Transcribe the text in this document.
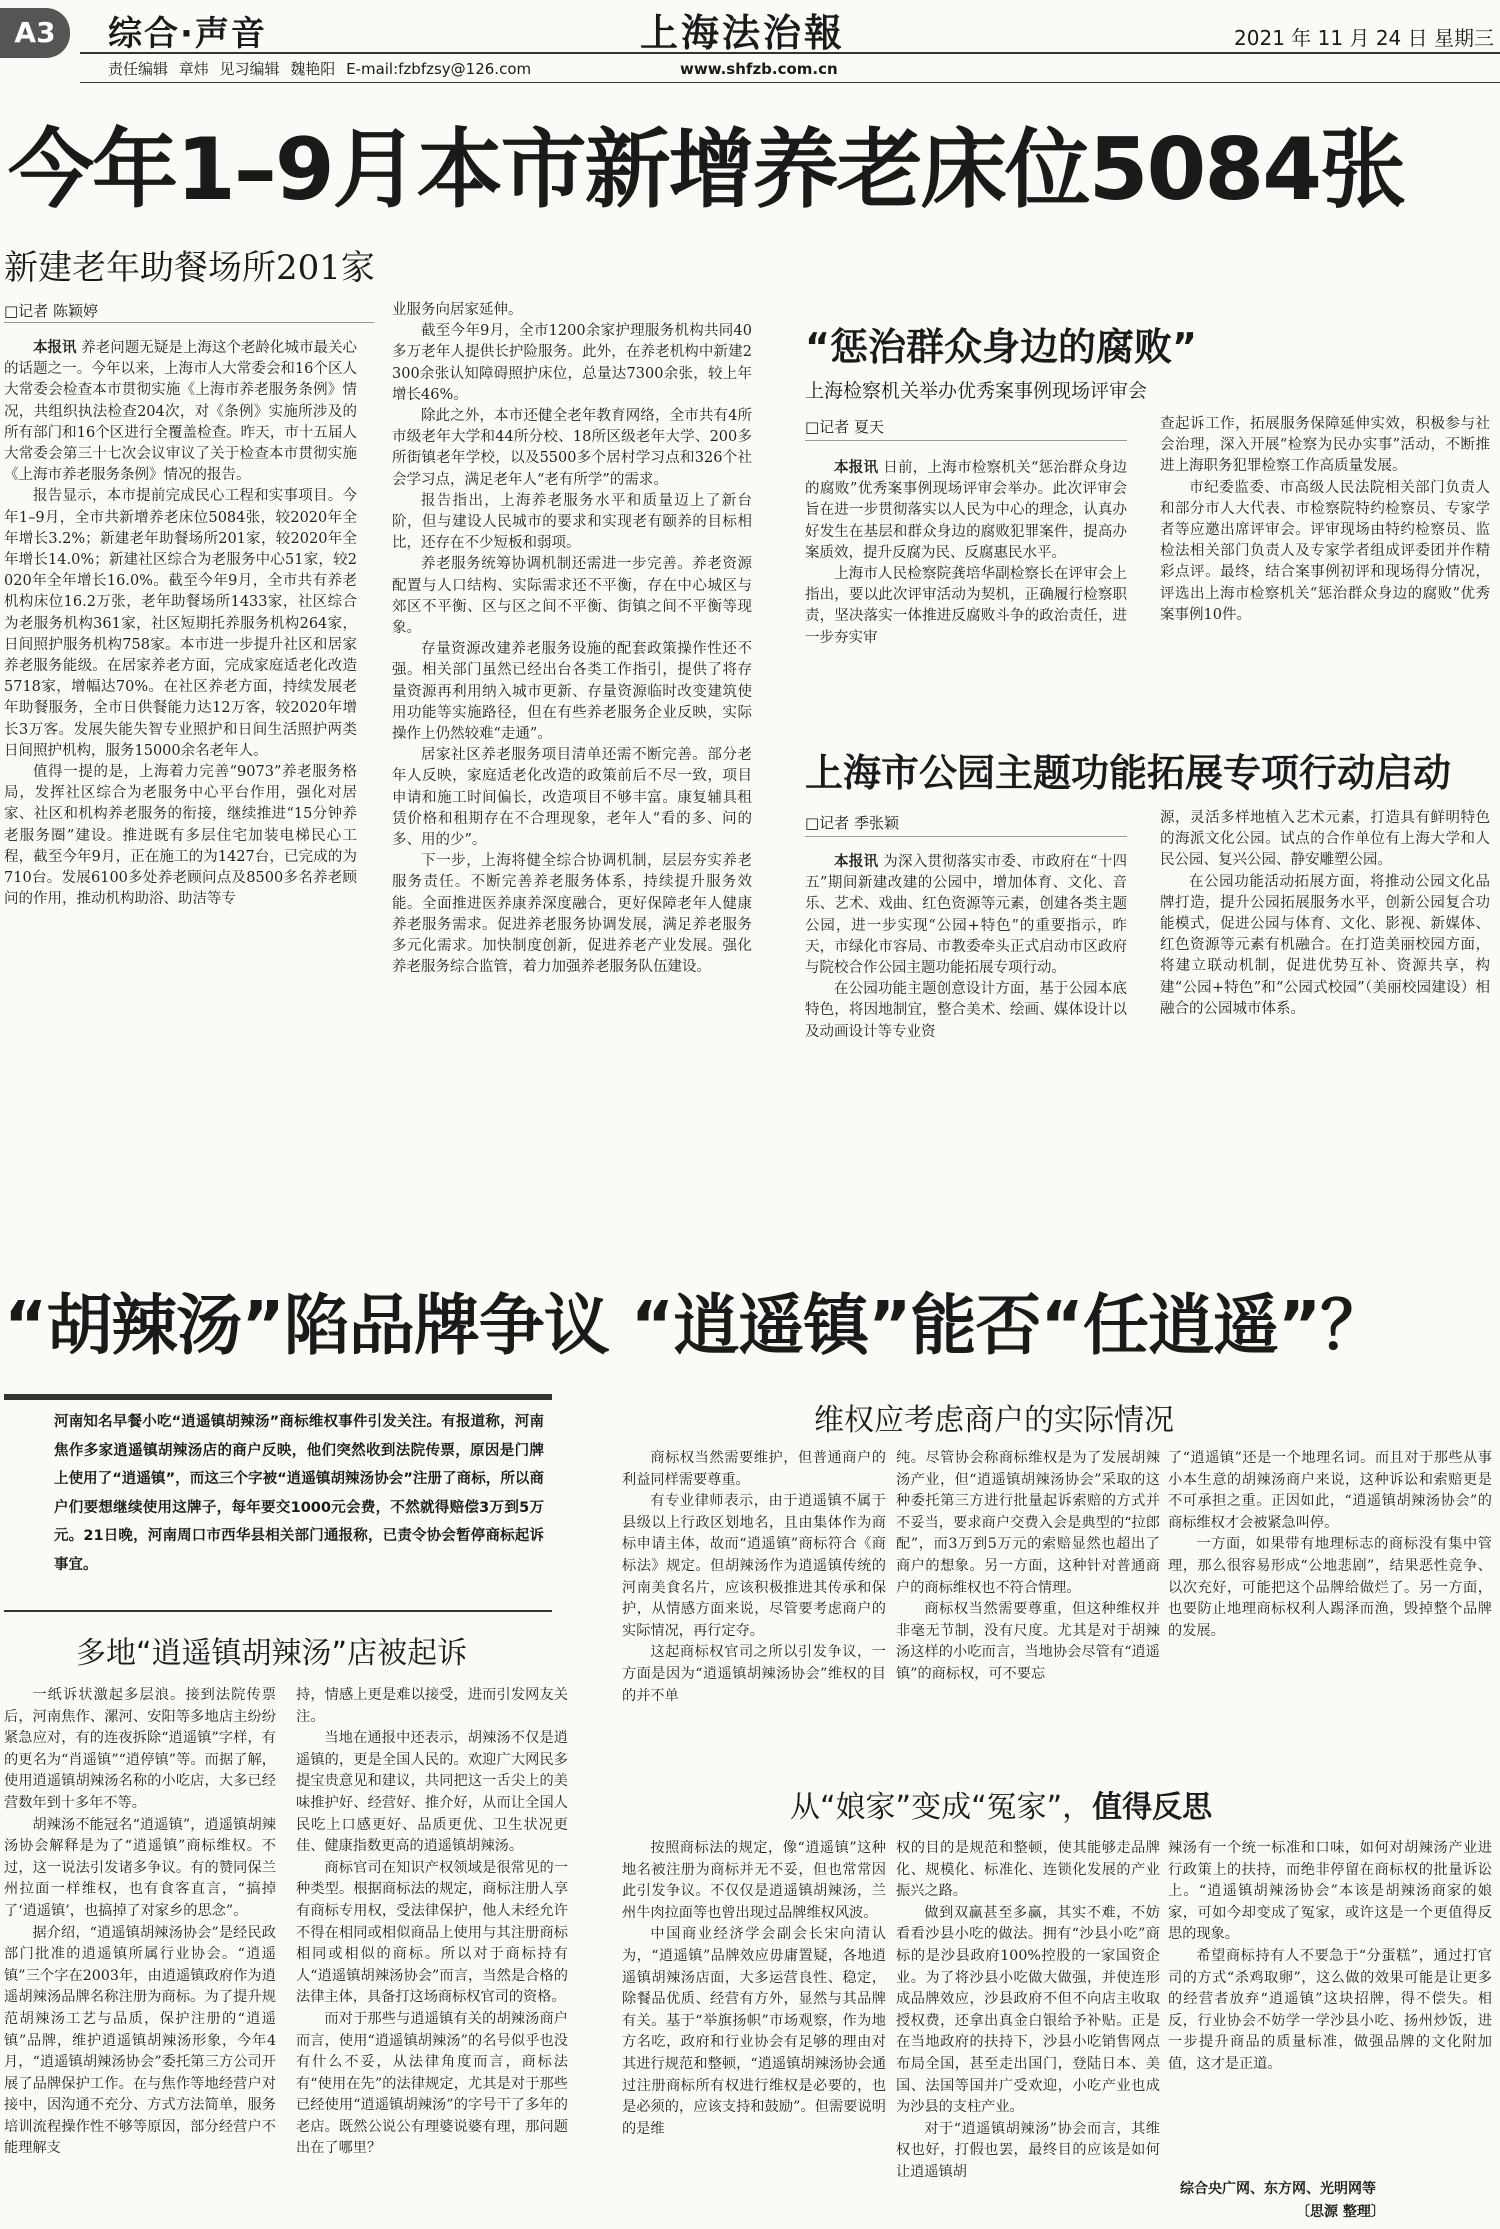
A3	综合·声音	上海法治報	2021 年 11 月 24 日 星期三
责任编辑 章炜 见习编辑 魏艳阳 E-mail:fzbfzsy@126.com	www.shfzb.com.cn
今年1–9月本市新增养老床位5084张
新建老年助餐场所201家
□记者 陈颖婷

本报讯 养老问题无疑是上海这个老龄化城市最关心的话题之一。今年以来，上海市人大常委会和16个区人大常委会检查本市贯彻实施《上海市养老服务条例》情况，共组织执法检查204次，对《条例》实施所涉及的所有部门和16个区进行全覆盖检查。昨天，市十五届人大常委会第三十七次会议审议了关于检查本市贯彻实施《上海市养老服务条例》情况的报告。

报告显示，本市提前完成民心工程和实事项目。今年1–9月，全市共新增养老床位5084张，较2020年全年增长3.2%；新建老年助餐场所201家，较2020年全年增长14.0%；新建社区综合为老服务中心51家，较2020年全年增长16.0%。截至今年9月，全市共有养老机构床位16.2万张，老年助餐场所1433家，社区综合为老服务机构361家，社区短期托养服务机构264家，日间照护服务机构758家。本市进一步提升社区和居家养老服务能级。在居家养老方面，完成家庭适老化改造5718家，增幅达70%。在社区养老方面，持续发展老年助餐服务，全市日供餐能力达12万客，较2020年增长3万客。发展失能失智专业照护和日间生活照护两类日间照护机构，服务15000余名老年人。

值得一提的是，上海着力完善“9073”养老服务格局，发挥社区综合为老服务中心平台作用，强化对居家、社区和机构养老服务的衔接，继续推进“15分钟养老服务圈”建设。推进既有多层住宅加装电梯民心工程，截至今年9月，正在施工的为1427台，已完成的为710台。发展6100多处养老顾问点及8500多名养老顾问的作用，推动机构助浴、助洁等专

业服务向居家延伸。

截至今年9月，全市1200余家护理服务机构共同40多万老年人提供长护险服务。此外，在养老机构中新建2300余张认知障碍照护床位，总量达7300余张，较上年增长46%。

除此之外，本市还健全老年教育网络，全市共有4所市级老年大学和44所分校、18所区级老年大学、200多所街镇老年学校，以及5500多个居村学习点和326个社会学习点，满足老年人“老有所学”的需求。

报告指出，上海养老服务水平和质量迈上了新台阶，但与建设人民城市的要求和实现老有颐养的目标相比，还存在不少短板和弱项。

养老服务统筹协调机制还需进一步完善。养老资源配置与人口结构、实际需求还不平衡，存在中心城区与郊区不平衡、区与区之间不平衡、街镇之间不平衡等现象。

存量资源改建养老服务设施的配套政策操作性还不强。相关部门虽然已经出台各类工作指引，提供了将存量资源再利用纳入城市更新、存量资源临时改变建筑使用功能等实施路径，但在有些养老服务企业反映，实际操作上仍然较难“走通”。

居家社区养老服务项目清单还需不断完善。部分老年人反映，家庭适老化改造的政策前后不尽一致，项目申请和施工时间偏长，改造项目不够丰富。康复辅具租赁价格和租期存在不合理现象，老年人“看的多、问的多、用的少”。

下一步，上海将健全综合协调机制，层层夯实养老服务责任。不断完善养老服务体系，持续提升服务效能。全面推进医养康养深度融合，更好保障老年人健康养老服务需求。促进养老服务协调发展，满足养老服务多元化需求。加快制度创新，促进养老产业发展。强化养老服务综合监管，着力加强养老服务队伍建设。

“惩治群众身边的腐败”
上海检察机关举办优秀案事例现场评审会
□记者 夏天

本报讯 日前，上海市检察机关“惩治群众身边的腐败”优秀案事例现场评审会举办。此次评审会旨在进一步贯彻落实以人民为中心的理念，认真办好发生在基层和群众身边的腐败犯罪案件，提高办案质效，提升反腐为民、反腐惠民水平。

上海市人民检察院龚培华副检察长在评审会上指出，要以此次评审活动为契机，正确履行检察职责，坚决落实一体推进反腐败斗争的政治责任，进一步夯实审

查起诉工作，拓展服务保障延伸实效，积极参与社会治理，深入开展“检察为民办实事”活动，不断推进上海职务犯罪检察工作高质量发展。

市纪委监委、市高级人民法院相关部门负责人和部分市人大代表、市检察院特约检察员、专家学者等应邀出席评审会。评审现场由特约检察员、监检法相关部门负责人及专家学者组成评委团并作精彩点评。最终，结合案事例初评和现场得分情况，评选出上海市检察机关“惩治群众身边的腐败”优秀案事例10件。

上海市公园主题功能拓展专项行动启动
□记者 季张颖

本报讯 为深入贯彻落实市委、市政府在“十四五”期间新建改建的公园中，增加体育、文化、音乐、艺术、戏曲、红色资源等元素，创建各类主题公园，进一步实现“公园+特色”的重要指示，昨天，市绿化市容局、市教委牵头正式启动市区政府与院校合作公园主题功能拓展专项行动。

在公园功能主题创意设计方面，基于公园本底特色，将因地制宜，整合美术、绘画、媒体设计以及动画设计等专业资

源，灵活多样地植入艺术元素，打造具有鲜明特色的海派文化公园。试点的合作单位有上海大学和人民公园、复兴公园、静安雕塑公园。

在公园功能活动拓展方面，将推动公园文化品牌打造，提升公园拓展服务水平，创新公园复合功能模式，促进公园与体育、文化、影视、新媒体、红色资源等元素有机融合。在打造美丽校园方面，将建立联动机制，促进优势互补、资源共享，构建“公园+特色”和“公园式校园”（美丽校园建设）相融合的公园城市体系。

“胡辣汤”陷品牌争议 “逍遥镇”能否“任逍遥”？
河南知名早餐小吃“逍遥镇胡辣汤”商标维权事件引发关注。有报道称，河南焦作多家逍遥镇胡辣汤店的商户反映，他们突然收到法院传票，原因是门牌上使用了“逍遥镇”，而这三个字被“逍遥镇胡辣汤协会”注册了商标，所以商户们要想继续使用这牌子，每年要交1000元会费，不然就得赔偿3万到5万元。21日晚，河南周口市西华县相关部门通报称，已责令协会暂停商标起诉事宜。
多地“逍遥镇胡辣汤”店被起诉

一纸诉状激起多层浪。接到法院传票后，河南焦作、漯河、安阳等多地店主纷纷紧急应对，有的连夜拆除“逍遥镇”字样，有的更名为“肖遥镇”“逍停镇”等。而据了解，使用逍遥镇胡辣汤名称的小吃店，大多已经营数年到十多年不等。

胡辣汤不能冠名“逍遥镇”，逍遥镇胡辣汤协会解释是为了“逍遥镇”商标维权。不过，这一说法引发诸多争议。有的赞同保兰州拉面一样维权，也有食客直言，“搞掉了‘逍遥镇’，也搞掉了对家乡的思念”。

据介绍，“逍遥镇胡辣汤协会”是经民政部门批准的逍遥镇所属行业协会。“逍遥镇”三个字在2003年，由逍遥镇政府作为逍遥胡辣汤品牌名称注册为商标。为了提升规范胡辣汤工艺与品质，保护注册的“逍遥镇”品牌，维护逍遥镇胡辣汤形象，今年4月，“逍遥镇胡辣汤协会”委托第三方公司开展了品牌保护工作。在与焦作等地经营户对接中，因沟通不充分、方式方法简单，服务培训流程操作性不够等原因，部分经营户不能理解支

持，情感上更是难以接受，进而引发网友关注。

当地在通报中还表示，胡辣汤不仅是逍遥镇的，更是全国人民的。欢迎广大网民多提宝贵意见和建议，共同把这一舌尖上的美味推护好、经营好、推介好，从而让全国人民吃上口感更好、品质更优、卫生状况更佳、健康指数更高的逍遥镇胡辣汤。

商标官司在知识产权领域是很常见的一种类型。根据商标法的规定，商标注册人享有商标专用权，受法律保护，他人未经允许不得在相同或相似商品上使用与其注册商标相同或相似的商标。所以对于商标持有人“逍遥镇胡辣汤协会”而言，当然是合格的法律主体，具备打这场商标权官司的资格。

而对于那些与逍遥镇有关的胡辣汤商户而言，使用“逍遥镇胡辣汤”的名号似乎也没有什么不妥，从法律角度而言，商标法有“使用在先”的法律规定，尤其是对于那些已经使用“逍遥镇胡辣汤”的字号干了多年的老店。既然公说公有理婆说婆有理，那问题出在了哪里？

维权应考虑商户的实际情况

商标权当然需要维护，但普通商户的利益同样需要尊重。

有专业律师表示，由于逍遥镇不属于县级以上行政区划地名，且由集体作为商标申请主体，故而“逍遥镇”商标符合《商标法》规定。但胡辣汤作为逍遥镇传统的河南美食名片，应该积极推进其传承和保护，从情感方面来说，尽管要考虑商户的实际情况，再行定夺。

这起商标权官司之所以引发争议，一方面是因为“逍遥镇胡辣汤协会”维权的目的并不单

纯。尽管协会称商标维权是为了发展胡辣汤产业，但“逍遥镇胡辣汤协会”采取的这种委托第三方进行批量起诉索赔的方式并不妥当，要求商户交费入会是典型的“拉郎配”，而3万到5万元的索赔显然也超出了商户的想象。另一方面，这种针对普通商户的商标维权也不符合情理。

商标权当然需要尊重，但这种维权并非毫无节制，没有尺度。尤其是对于胡辣汤这样的小吃而言，当地协会尽管有“逍遥镇”的商标权，可不要忘

了“逍遥镇”还是一个地理名词。而且对于那些从事小本生意的胡辣汤商户来说，这种诉讼和索赔更是不可承担之重。正因如此，“逍遥镇胡辣汤协会”的商标维权才会被紧急叫停。

一方面，如果带有地理标志的商标没有集中管理，那么很容易形成“公地悲剧”，结果恶性竞争、以次充好，可能把这个品牌给做烂了。另一方面，也要防止地理商标权利人踢泽而渔，毁掉整个品牌的发展。

从“娘家”变成“冤家”，值得反思

按照商标法的规定，像“逍遥镇”这种地名被注册为商标并无不妥，但也常常因此引发争议。不仅仅是逍遥镇胡辣汤，兰州牛肉拉面等也曾出现过品牌维权风波。

中国商业经济学会副会长宋向清认为，“逍遥镇”品牌效应毋庸置疑，各地逍遥镇胡辣汤店面，大多运营良性、稳定，除餐品优质、经营有方外，显然与其品牌有关。基于“举旗扬帜”市场观察，作为地方名吃，政府和行业协会有足够的理由对其进行规范和整顿，“逍遥镇胡辣汤协会通过注册商标所有权进行维权是必要的，也是必须的，应该支持和鼓励”。但需要说明的是维

权的目的是规范和整顿，使其能够走品牌化、规模化、标准化、连锁化发展的产业振兴之路。

做到双赢甚至多赢，其实不难，不妨看看沙县小吃的做法。拥有“沙县小吃”商标的是沙县政府100%控股的一家国资企业。为了将沙县小吃做大做强，并使连形成品牌效应，沙县政府不但不向店主收取授权费，还拿出真金白银给予补贴。正是在当地政府的扶持下，沙县小吃销售网点布局全国，甚至走出国门，登陆日本、美国、法国等国并广受欢迎，小吃产业也成为沙县的支柱产业。

对于“逍遥镇胡辣汤”协会而言，其维权也好，打假也罢，最终目的应该是如何让逍遥镇胡

辣汤有一个统一标准和口味，如何对胡辣汤产业进行政策上的扶持，而绝非停留在商标权的批量诉讼上。“逍遥镇胡辣汤协会”本该是胡辣汤商家的娘家，可如今却变成了冤家，或许这是一个更值得反思的现象。

希望商标持有人不要急于“分蛋糕”，通过打官司的方式“杀鸡取卵”，这么做的效果可能是让更多的经营者放弃“逍遥镇”这块招牌，得不偿失。相反，行业协会不妨学一学沙县小吃、扬州炒饭，进一步提升商品的质量标准，做强品牌的文化附加值，这才是正道。

综合央广网、东方网、光明网等
〔思源 整理〕
